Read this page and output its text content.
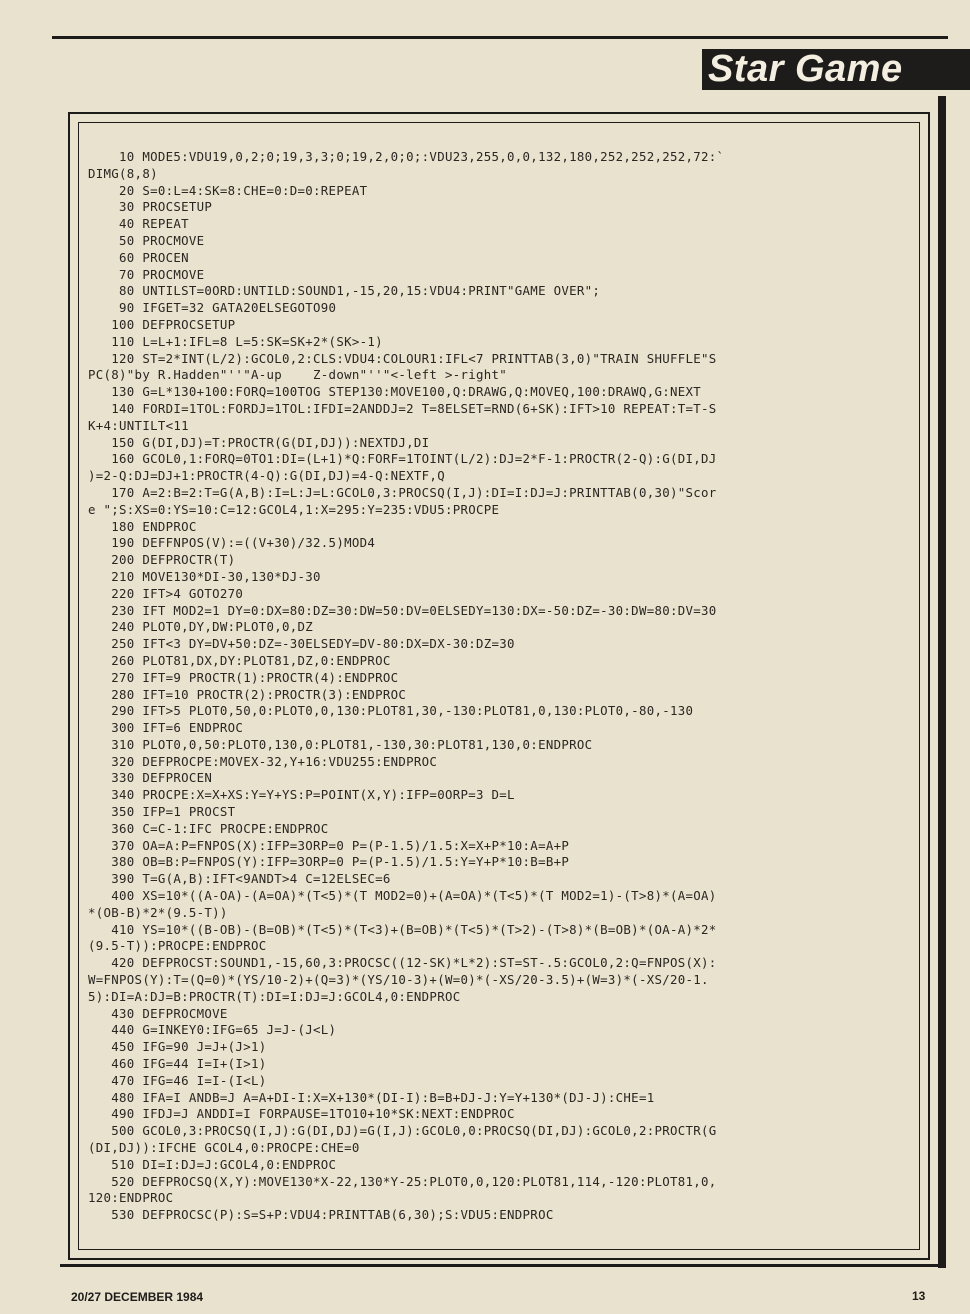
Star Game
10 MODE5:VDU19,0,2;0;19,3,3;0;19,2,0;0;:VDU23,255,0,0,132,180,252,252,252,72:`
DIMG(8,8)
20 S=0:L=4:SK=8:CHE=0:D=0:REPEAT
30 PROCSETUP
40 REPEAT
50 PROCMOVE
60 PROCEN
70 PROCMOVE
80 UNTILST=0ORD:UNTILD:SOUND1,-15,20,15:VDU4:PRINT"GAME OVER";
90 IFGET=32 GATA20ELSEGOTO90
100 DEFPROCSETUP
110 L=L+1:IFL=8 L=5:SK=SK+2*(SK>-1)
120 ST=2*INT(L/2):GCOL0,2:CLS:VDU4:COLOUR1:IFL<7 PRINTTAB(3,0)"TRAIN SHUFFLE"S
PC(8)"by R.Hadden"''"A-up    Z-down"''"<-left >-right"
130 G=L*130+100:FORQ=100TOG STEP130:MOVE100,Q:DRAWG,Q:MOVEQ,100:DRAWQ,G:NEXT
140 FORDI=1TOL:FORDJ=1TOL:IFDI=2ANDDJ=2 T=8ELSET=RND(6+SK):IFT>10 REPEAT:T=T-S
K+4:UNTILT<11
150 G(DI,DJ)=T:PROCTR(G(DI,DJ)):NEXTDJ,DI
160 GCOL0,1:FORQ=0TO1:DI=(L+1)*Q:FORF=1TOINT(L/2):DJ=2*F-1:PROCTR(2-Q):G(DI,DJ
)=2-Q:DJ=DJ+1:PROCTR(4-Q):G(DI,DJ)=4-Q:NEXTF,Q
170 A=2:B=2:T=G(A,B):I=L:J=L:GCOL0,3:PROCSQ(I,J):DI=I:DJ=J:PRINTTAB(0,30)"Scor
e ";S:XS=0:YS=10:C=12:GCOL4,1:X=295:Y=235:VDU5:PROCPE
180 ENDPROC
190 DEFFNPOS(V):=((V+30)/32.5)MOD4
200 DEFPROCTR(T)
210 MOVE130*DI-30,130*DJ-30
220 IFT>4 GOTO270
230 IFT MOD2=1 DY=0:DX=80:DZ=30:DW=50:DV=0ELSEDY=130:DX=-50:DZ=-30:DW=80:DV=30
240 PLOT0,DY,DW:PLOT0,0,DZ
250 IFT<3 DY=DV+50:DZ=-30ELSEDY=DV-80:DX=DX-30:DZ=30
260 PLOT81,DX,DY:PLOT81,DZ,0:ENDPROC
270 IFT=9 PROCTR(1):PROCTR(4):ENDPROC
280 IFT=10 PROCTR(2):PROCTR(3):ENDPROC
290 IFT>5 PLOT0,50,0:PLOT0,0,130:PLOT81,30,-130:PLOT81,0,130:PLOT0,-80,-130
300 IFT=6 ENDPROC
310 PLOT0,0,50:PLOT0,130,0:PLOT81,-130,30:PLOT81,130,0:ENDPROC
320 DEFPROCPE:MOVEX-32,Y+16:VDU255:ENDPROC
330 DEFPROCEN
340 PROCPE:X=X+XS:Y=Y+YS:P=POINT(X,Y):IFP=0ORP=3 D=L
350 IFP=1 PROCST
360 C=C-1:IFC PROCPE:ENDPROC
370 OA=A:P=FNPOS(X):IFP=3ORP=0 P=(P-1.5)/1.5:X=X+P*10:A=A+P
380 OB=B:P=FNPOS(Y):IFP=3ORP=0 P=(P-1.5)/1.5:Y=Y+P*10:B=B+P
390 T=G(A,B):IFT<9ANDT>4 C=12ELSEC=6
400 XS=10*((A-OA)-(A=OA)*(T<5)*(T MOD2=0)+(A=OA)*(T<5)*(T MOD2=1)-(T>8)*(A=OA)
*(OB-B)*2*(9.5-T))
410 YS=10*((B-OB)-(B=OB)*(T<5)*(T<3)+(B=OB)*(T<5)*(T>2)-(T>8)*(B=OB)*(OA-A)*2*
(9.5-T)):PROCPE:ENDPROC
420 DEFPROCST:SOUND1,-15,60,3:PROCSC((12-SK)*L*2):ST=ST-.5:GCOL0,2:Q=FNPOS(X):
W=FNPOS(Y):T=(Q=0)*(YS/10-2)+(Q=3)*(YS/10-3)+(W=0)*(-XS/20-3.5)+(W=3)*(-XS/20-1.
5):DI=A:DJ=B:PROCTR(T):DI=I:DJ=J:GCOL4,0:ENDPROC
430 DEFPROCMOVE
440 G=INKEY0:IFG=65 J=J-(J<L)
450 IFG=90 J=J+(J>1)
460 IFG=44 I=I+(I>1)
470 IFG=46 I=I-(I<L)
480 IFA=I ANDB=J A=A+DI-I:X=X+130*(DI-I):B=B+DJ-J:Y=Y+130*(DJ-J):CHE=1
490 IFDJ=J ANDDI=I FORPAUSE=1TO10+10*SK:NEXT:ENDPROC
500 GCOL0,3:PROCSQ(I,J):G(DI,DJ)=G(I,J):GCOL0,0:PROCSQ(DI,DJ):GCOL0,2:PROCTR(G
(DI,DJ)):IFCHE GCOL4,0:PROCPE:CHE=0
510 DI=I:DJ=J:GCOL4,0:ENDPROC
520 DEFPROCSQ(X,Y):MOVE130*X-22,130*Y-25:PLOT0,0,120:PLOT81,114,-120:PLOT81,0,
120:ENDPROC
530 DEFPROCSC(P):S=S+P:VDU4:PRINTTAB(6,30);S:VDU5:ENDPROC
20/27 DECEMBER 1984	13
